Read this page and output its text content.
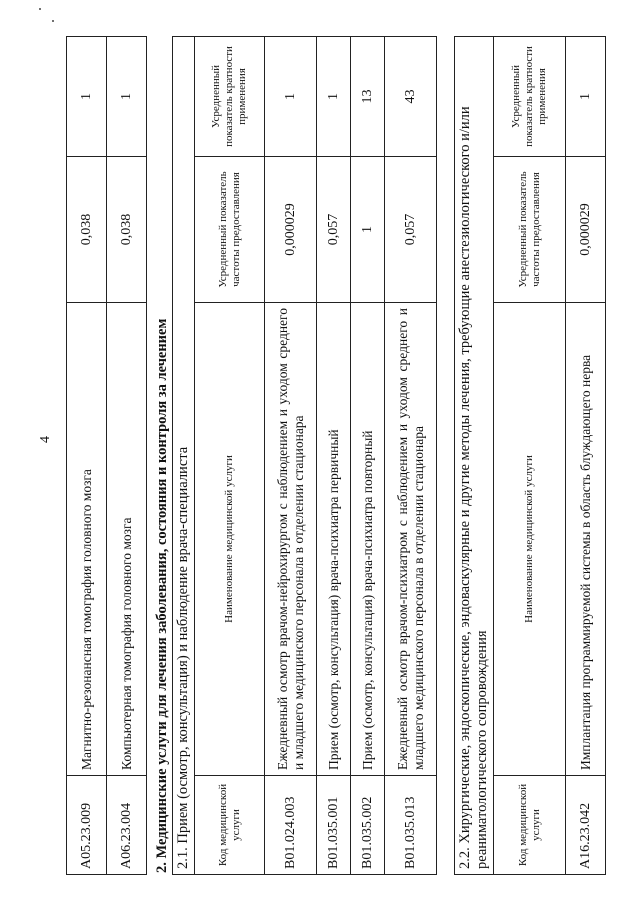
4
A05.23.009	Магнитно-резонансная томография головного мозга	0,038	1
A06.23.004	Компьютерная томография головного мозга	0,038	1
2. Медицинские услуги для лечения заболевания, состояния и контроля за лечением 2.1. Прием (осмотр, консультация) и наблюдение врача-специалиста			
Код медицинской услуги	Наименование медицинской услуги	Усредненный показатель частоты предоставления	Усредненный показатель кратности применения
B01.024.003	Ежедневный осмотр врачом-нейрохирургом с наблюдением и уходом среднего и младшего медицинского персонала в отделении стационара	0,000029	1
B01.035.001	Прием (осмотр, консультация) врача-психиатра первичный	0,057	1
B01.035.002	Прием (осмотр, консультация) врача-психиатра повторный	1	13
B01.035.013	Ежедневный осмотр врачом-психиатром с наблюдением и уходом среднего и младшего медицинского персонала в отделении стационара	0,057	43
2.2. Хирургические, эндоскопические, эндоваскулярные и другие методы лечения, требующие анестезиологического и/или реаниматологического сопровождения			
Код медицинской услуги	Наименование медицинской услуги	Усредненный показатель частоты предоставления	Усредненный показатель кратности применения
A16.23.042	Имплантация программируемой системы в область блуждающего нерва	0,000029	1
